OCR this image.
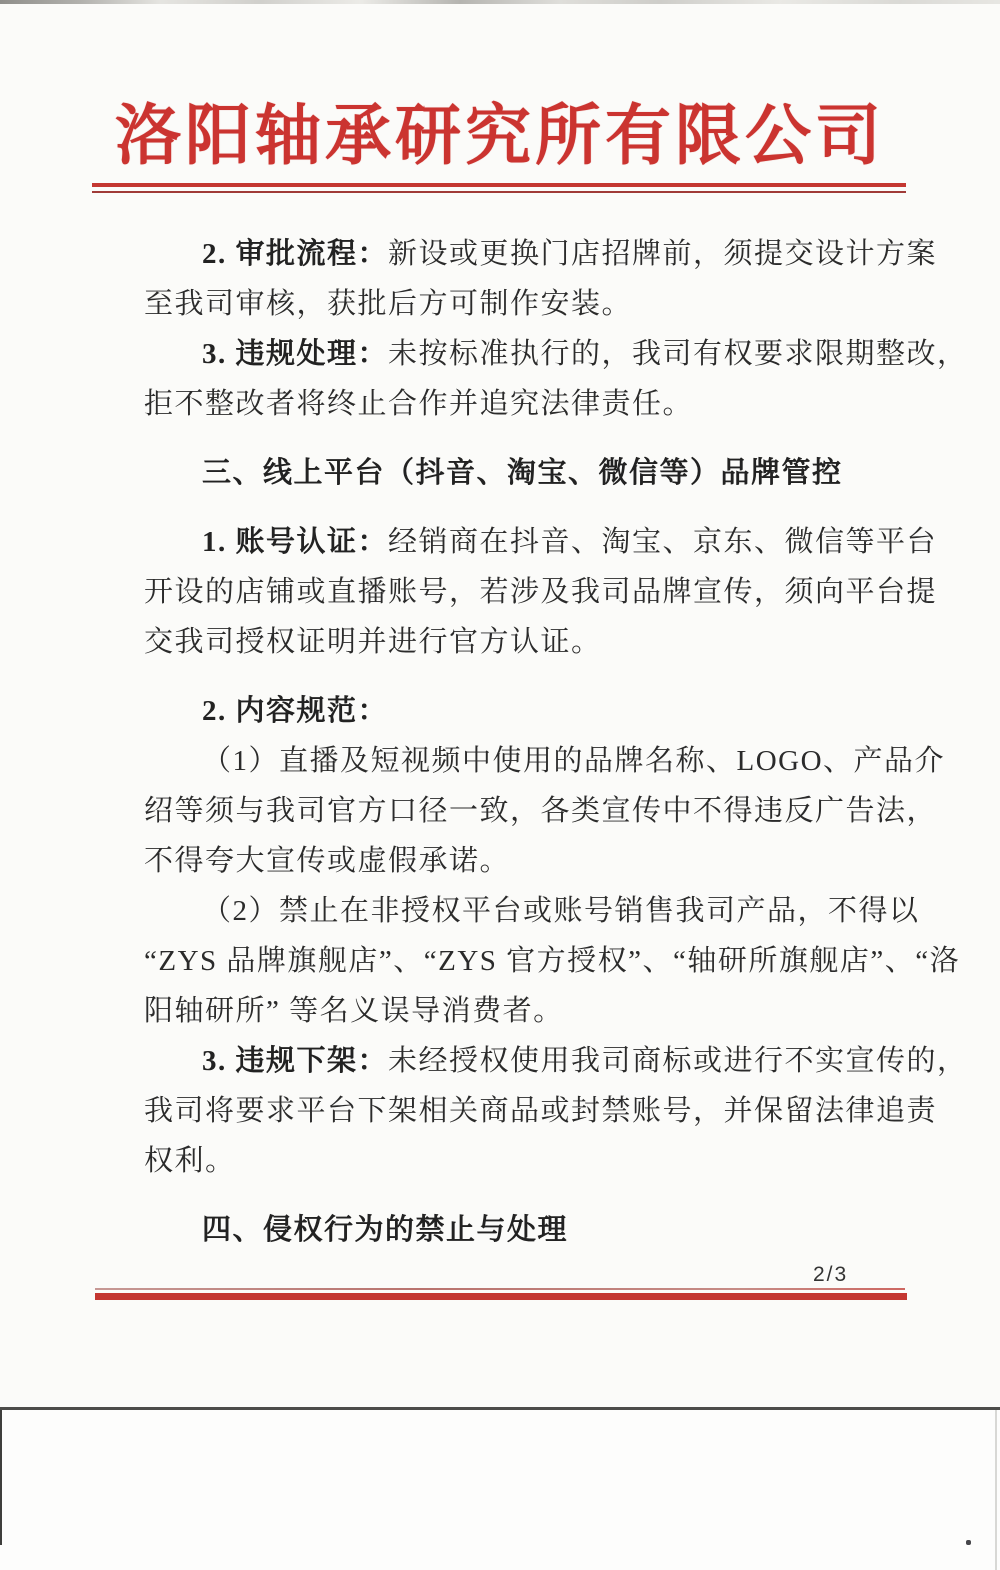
洛阳轴承研究所有限公司
2. 审批流程：新设或更换门店招牌前，须提交设计方案
至我司审核，获批后方可制作安装。
3. 违规处理：未按标准执行的，我司有权要求限期整改，
拒不整改者将终止合作并追究法律责任。
三、线上平台（抖音、淘宝、微信等）品牌管控
1. 账号认证：经销商在抖音、淘宝、京东、微信等平台
开设的店铺或直播账号，若涉及我司品牌宣传，须向平台提
交我司授权证明并进行官方认证。
2. 内容规范：
（1）直播及短视频中使用的品牌名称、LOGO、产品介
绍等须与我司官方口径一致，各类宣传中不得违反广告法，
不得夸大宣传或虚假承诺。
（2）禁止在非授权平台或账号销售我司产品，不得以
“ZYS 品牌旗舰店”、“ZYS 官方授权”、“轴研所旗舰店”、“洛
阳轴研所” 等名义误导消费者。
3. 违规下架：未经授权使用我司商标或进行不实宣传的，
我司将要求平台下架相关商品或封禁账号，并保留法律追责
权利。
四、侵权行为的禁止与处理
2/3
